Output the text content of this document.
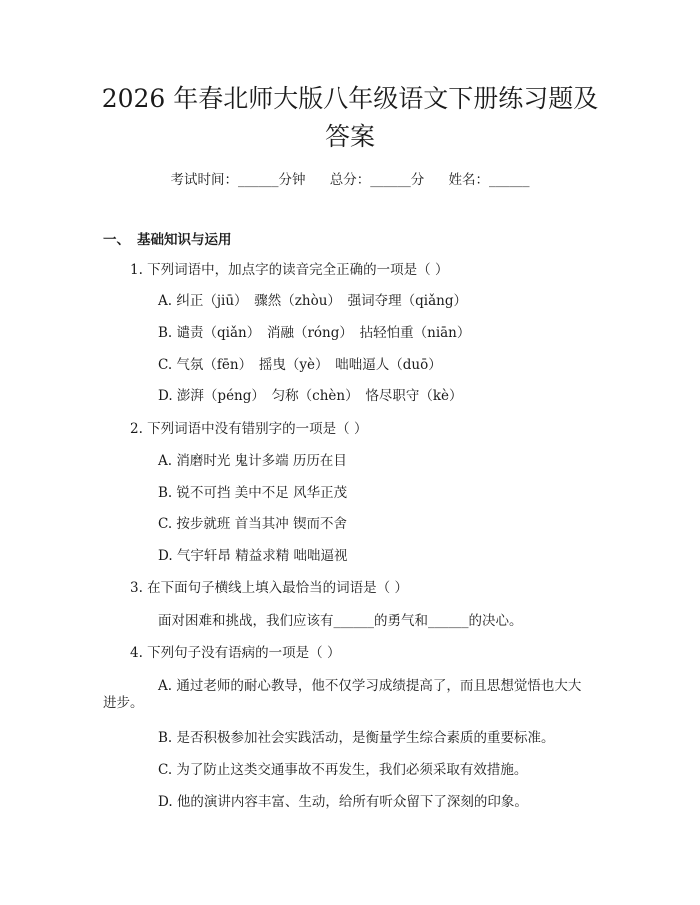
2026 年春北师大版八年级语文下册练习题及
答案
考试时间：______分钟 总分：______分 姓名：______
一、 基础知识与运用
1. 下列词语中，加点字的读音完全正确的一项是（ ）
A. 纠正（jiū）　骤然（zhòu）　强词夺理（qiǎng）
B. 谴责（qiǎn）　消融（róng）　拈轻怕重（niān）
C. 气氛（fēn）　摇曳（yè）　咄咄逼人（duō）
D. 澎湃（péng）　匀称（chèn）　恪尽职守（kè）
2. 下列词语中没有错别字的一项是（ ）
A. 消磨时光 鬼计多端 历历在目
B. 锐不可挡 美中不足 风华正茂
C. 按步就班 首当其冲 锲而不舍
D. 气宇轩昂 精益求精 咄咄逼视
3. 在下面句子横线上填入最恰当的词语是（ ）
面对困难和挑战，我们应该有______的勇气和______的决心。
4. 下列句子没有语病的一项是（ ）
A. 通过老师的耐心教导，他不仅学习成绩提高了，而且思想觉悟也大大
进步。
B. 是否积极参加社会实践活动，是衡量学生综合素质的重要标准。
C. 为了防止这类交通事故不再发生，我们必须采取有效措施。
D. 他的演讲内容丰富、生动，给所有听众留下了深刻的印象。
